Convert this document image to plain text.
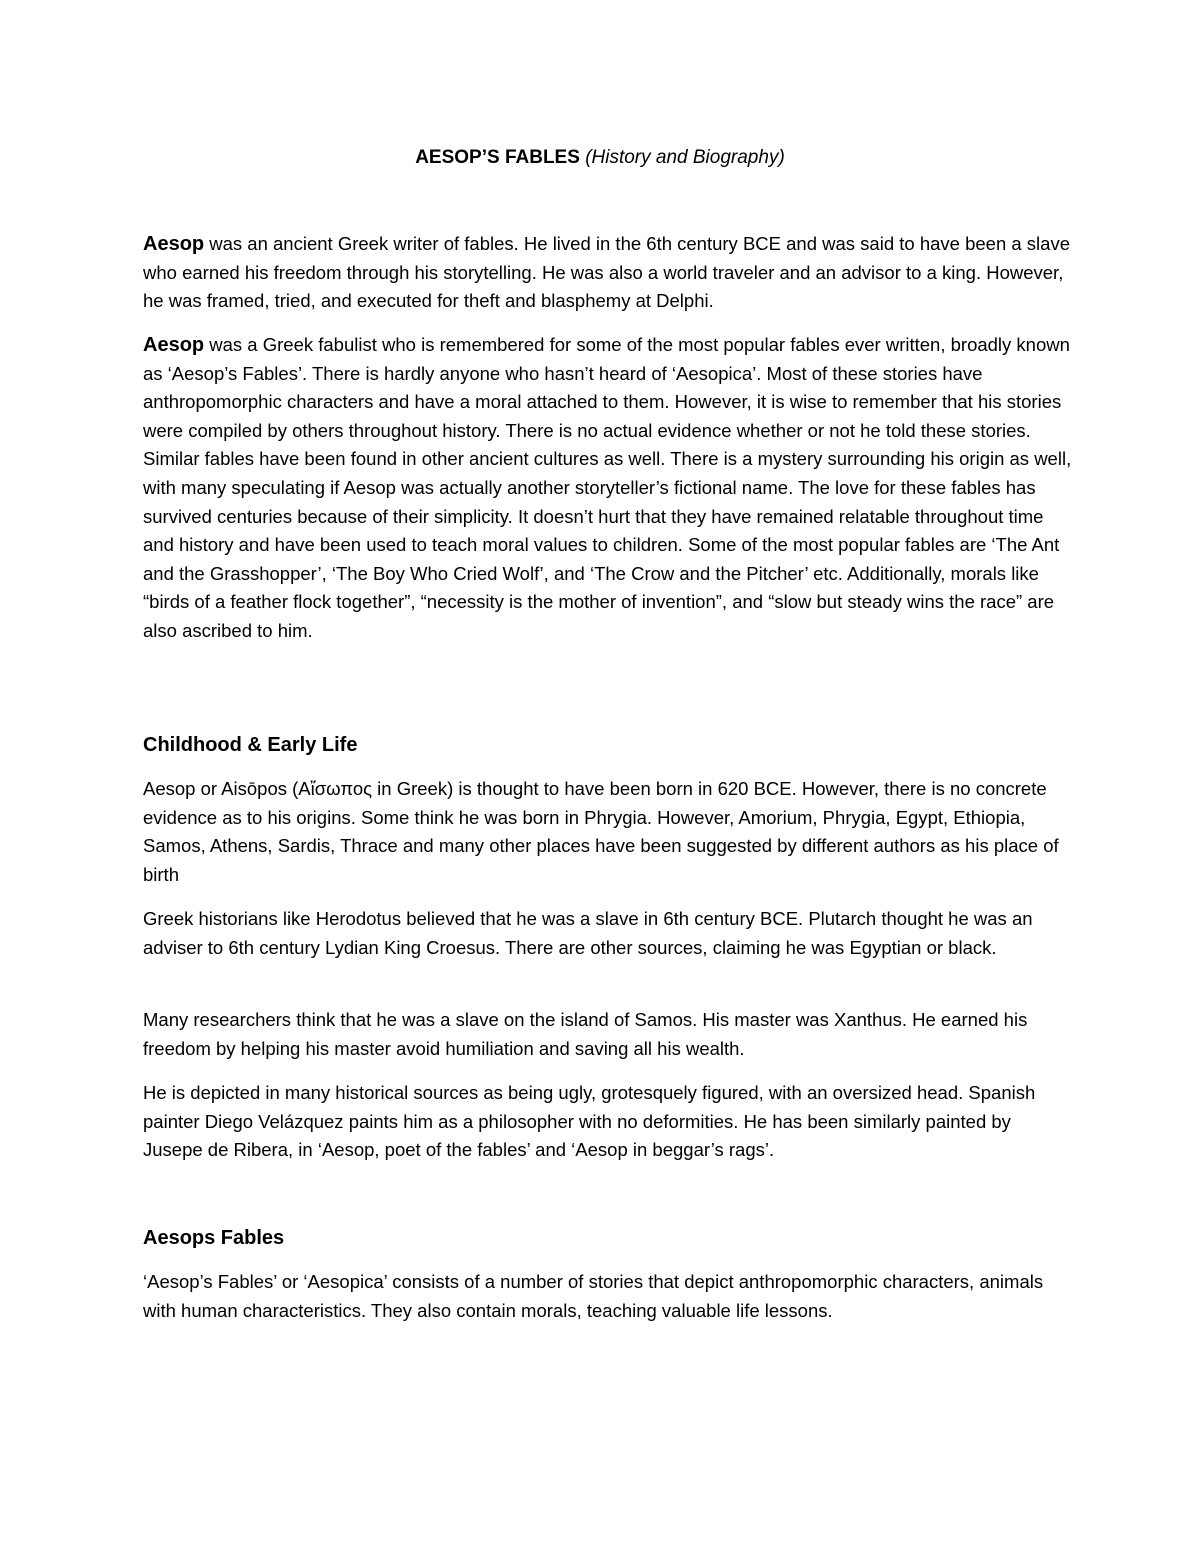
AESOP’S FABLES (History and Biography)

Aesop was an ancient Greek writer of fables. He lived in the 6th century BCE and was said to have been a slave who earned his freedom through his storytelling. He was also a world traveler and an advisor to a king. However, he was framed, tried, and executed for theft and blasphemy at Delphi.

Aesop was a Greek fabulist who is remembered for some of the most popular fables ever written, broadly known as ‘Aesop’s Fables’. There is hardly anyone who hasn’t heard of ‘Aesopica’. Most of these stories have anthropomorphic characters and have a moral attached to them. However, it is wise to remember that his stories were compiled by others throughout history. There is no actual evidence whether or not he told these stories. Similar fables have been found in other ancient cultures as well. There is a mystery surrounding his origin as well, with many speculating if Aesop was actually another storyteller’s fictional name. The love for these fables has survived centuries because of their simplicity. It doesn’t hurt that they have remained relatable throughout time and history and have been used to teach moral values to children. Some of the most popular fables are ‘The Ant and the Grasshopper’, ‘The Boy Who Cried Wolf’, and ‘The Crow and the Pitcher’ etc. Additionally, morals like “birds of a feather flock together”, “necessity is the mother of invention”, and “slow but steady wins the race” are also ascribed to him.

Childhood & Early Life

Aesop or Aisōpos (Αἴσωπος in Greek) is thought to have been born in 620 BCE. However, there is no concrete evidence as to his origins. Some think he was born in Phrygia. However, Amorium, Phrygia, Egypt, Ethiopia, Samos, Athens, Sardis, Thrace and many other places have been suggested by different authors as his place of birth

Greek historians like Herodotus believed that he was a slave in 6th century BCE. Plutarch thought he was an adviser to 6th century Lydian King Croesus. There are other sources, claiming he was Egyptian or black.

Many researchers think that he was a slave on the island of Samos. His master was Xanthus. He earned his freedom by helping his master avoid humiliation and saving all his wealth.

He is depicted in many historical sources as being ugly, grotesquely figured, with an oversized head. Spanish painter Diego Velázquez paints him as a philosopher with no deformities. He has been similarly painted by Jusepe de Ribera, in ‘Aesop, poet of the fables’ and ‘Aesop in beggar’s rags’.

Aesops Fables

‘Aesop’s Fables’ or ‘Aesopica’ consists of a number of stories that depict anthropomorphic characters, animals with human characteristics. They also contain morals, teaching valuable life lessons.
